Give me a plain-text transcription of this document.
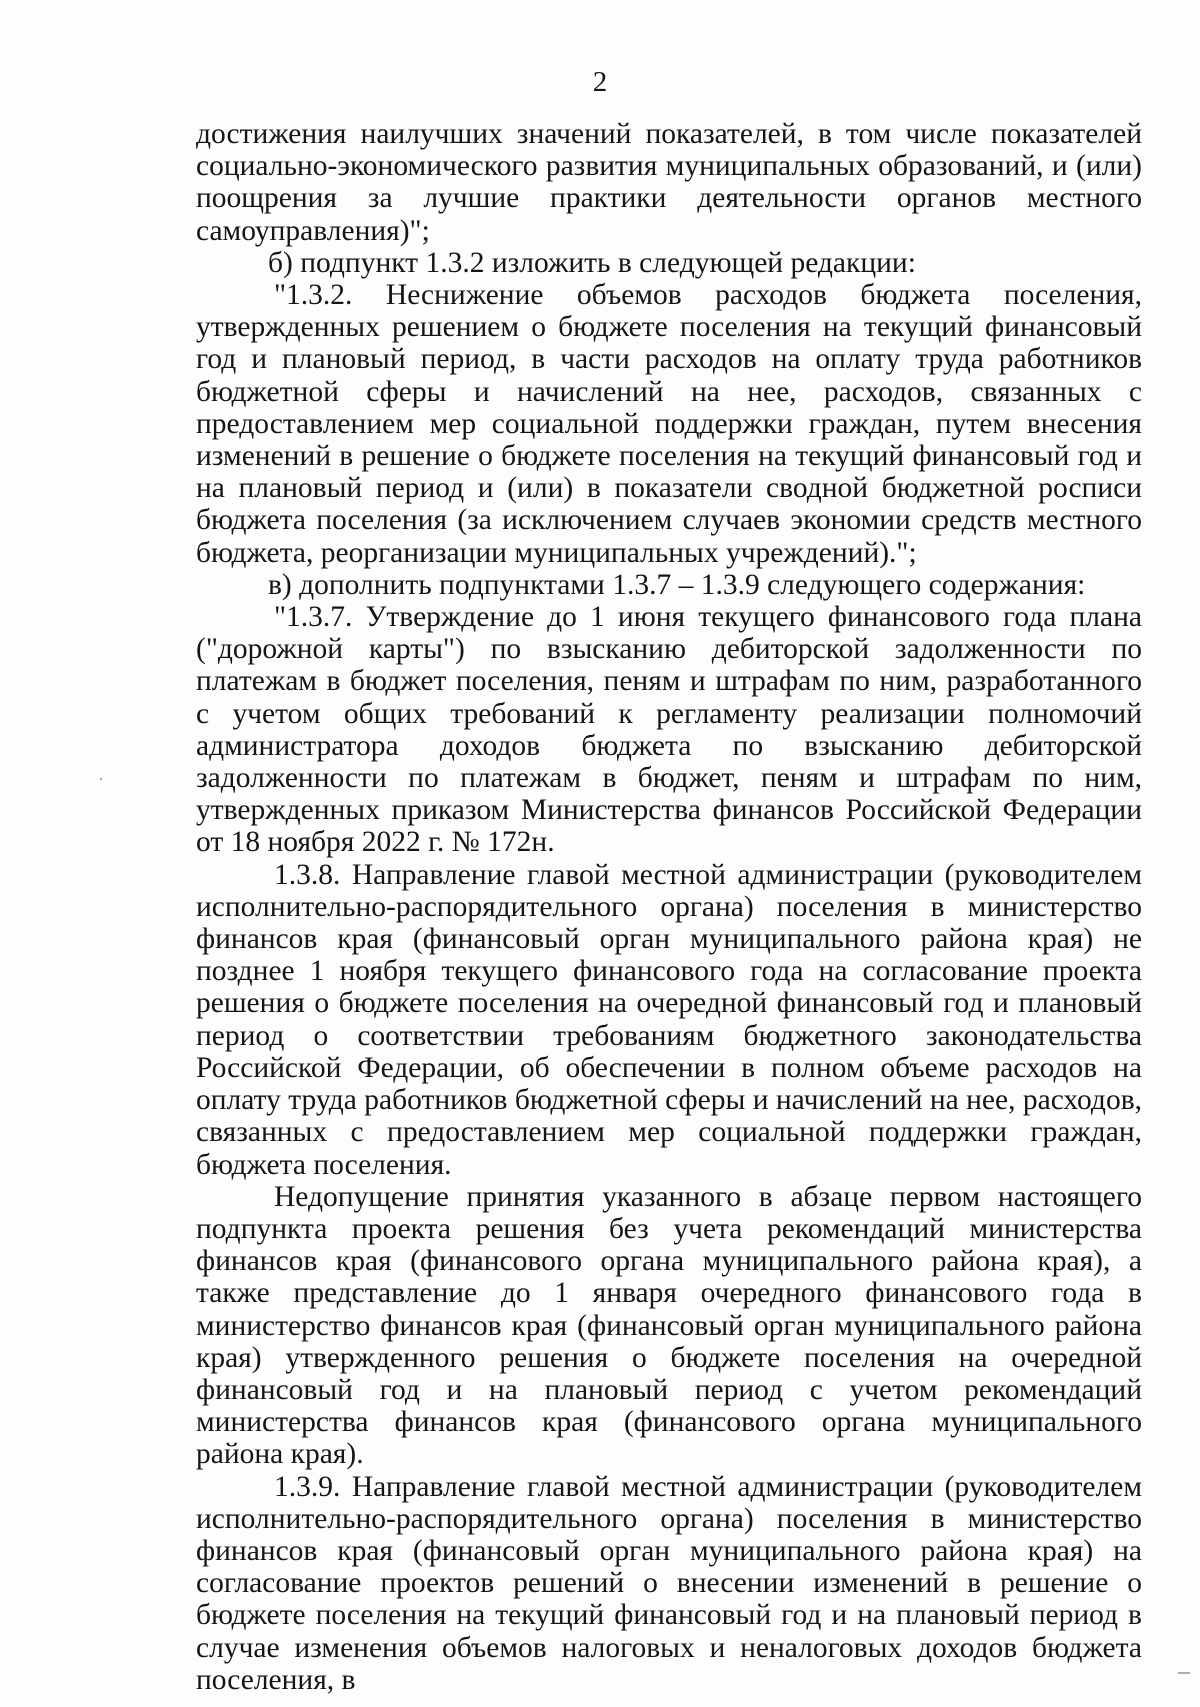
2

достижения наилучших значений показателей, в том числе показателей социально-экономического развития муниципальных образований, и (или) поощрения за лучшие практики деятельности органов местного самоуправления)";

б) подпункт 1.3.2 изложить в следующей редакции:

"1.3.2. Неснижение объемов расходов бюджета поселения, утвержденных решением о бюджете поселения на текущий финансовый год и плановый период, в части расходов на оплату труда работников бюджетной сферы и начислений на нее, расходов, связанных с предоставлением мер социальной поддержки граждан, путем внесения изменений в решение о бюджете поселения на текущий финансовый год и на плановый период и (или) в показатели сводной бюджетной росписи бюджета поселения (за исключением случаев экономии средств местного бюджета, реорганизации муниципальных учреждений).";

в) дополнить подпунктами 1.3.7 – 1.3.9 следующего содержания:

"1.3.7. Утверждение до 1 июня текущего финансового года плана ("дорожной карты") по взысканию дебиторской задолженности по платежам в бюджет поселения, пеням и штрафам по ним, разработанного с учетом общих требований к регламенту реализации полномочий администратора доходов бюджета по взысканию дебиторской задолженности по платежам в бюджет, пеням и штрафам по ним, утвержденных приказом Министерства финансов Российской Федерации от 18 ноября 2022 г. № 172н.

1.3.8. Направление главой местной администрации (руководителем исполнительно-распорядительного органа) поселения в министерство финансов края (финансовый орган муниципального района края) не позднее 1 ноября текущего финансового года на согласование проекта решения о бюджете поселения на очередной финансовый год и плановый период о соответствии требованиям бюджетного законодательства Российской Федерации, об обеспечении в полном объеме расходов на оплату труда работников бюджетной сферы и начислений на нее, расходов, связанных с предоставлением мер социальной поддержки граждан, бюджета поселения.

Недопущение принятия указанного в абзаце первом настоящего подпункта проекта решения без учета рекомендаций министерства финансов края (финансового органа муниципального района края), а также представление до 1 января очередного финансового года в министерство финансов края (финансовый орган муниципального района края) утвержденного решения о бюджете поселения на очередной финансовый год и на плановый период с учетом рекомендаций министерства финансов края (финансового органа муниципального района края).

1.3.9. Направление главой местной администрации (руководителем исполнительно-распорядительного органа) поселения в министерство финансов края (финансовый орган муниципального района края) на согласование проектов решений о внесении изменений в решение о бюджете поселения на текущий финансовый год и на плановый период в случае изменения объемов налоговых и неналоговых доходов бюджета поселения, в
